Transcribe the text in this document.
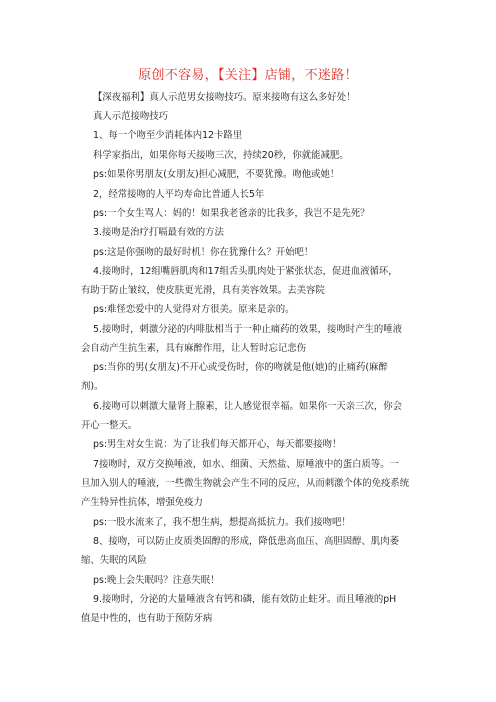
原创不容易，【关注】店铺，不迷路！
【深夜福利】真人示范男女接吻技巧。原来接吻有这么多好处！
真人示范接吻技巧
1、每一个吻至少消耗体内12卡路里
科学家指出，如果你每天接吻三次，持续20秒，你就能减肥。
ps:如果你男朋友(女朋友)担心减肥，不要犹豫。吻他或她！
2，经常接吻的人平均寿命比普通人长5年
ps:一个女生骂人：妈的！如果我老爸亲的比我多，我岂不是先死？
3.接吻是治疗打嗝最有效的方法
ps:这是你强吻的最好时机！你在犹豫什么？开始吧！
4.接吻时，12组嘴唇肌肉和17组舌头肌肉处于紧张状态，促进血液循环，
有助于防止皱纹，使皮肤更光滑，具有美容效果。去美容院
ps:难怪恋爱中的人觉得对方很美。原来是亲的。
5.接吻时，刺激分泌的内啡肽相当于一种止痛药的效果，接吻时产生的唾液
会自动产生抗生素，具有麻醉作用，让人暂时忘记悲伤
ps:当你的男(女朋友)不开心或受伤时，你的吻就是他(她)的止痛药(麻醉
剂)。
6.接吻可以刺激大量肾上腺素，让人感觉很幸福。如果你一天亲三次，你会
开心一整天。
ps:男生对女生说：为了让我们每天都开心，每天都要接吻！
7接吻时，双方交换唾液，如水、细菌、天然盐、原唾液中的蛋白质等。一
旦加入别人的唾液，一些微生物就会产生不同的反应，从而刺激个体的免疫系统
产生特异性抗体，增强免疫力
ps:一股水流来了，我不想生病，想提高抵抗力。我们接吻吧！
8、接吻，可以防止皮质类固醇的形成，降低患高血压、高胆固醇、肌肉萎
缩、失眠的风险
ps:晚上会失眠吗？注意失眠！
9.接吻时，分泌的大量唾液含有钙和磷，能有效防止蛀牙。而且唾液的pH
值是中性的，也有助于预防牙病
